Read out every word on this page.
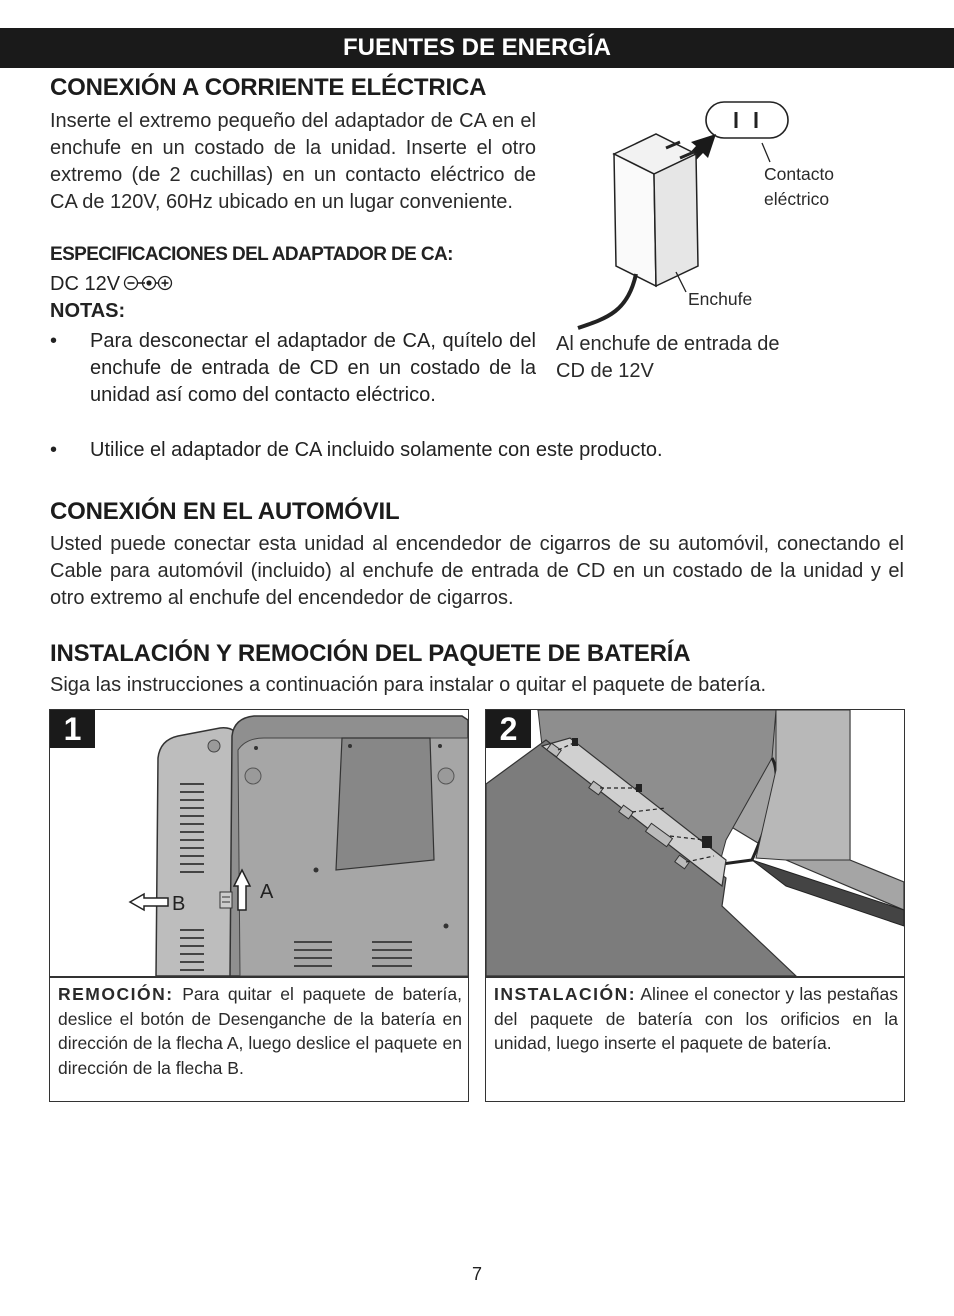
FUENTES DE ENERGÍA
CONEXIÓN A CORRIENTE ELÉCTRICA

Inserte el extremo pequeño del adaptador de CA en el enchufe en un costado de la unidad. Inserte el otro extremo (de 2 cuchillas) en un contacto eléctrico de CA de 120V, 60Hz ubicado en un lugar conveniente.

ESPECIFICACIONES DEL ADAPTADOR DE CA:
DC 12V
NOTAS:
• Para desconectar el adaptador de CA, quítelo del enchufe de entrada de CD en un costado de la unidad así como del contacto eléctrico.
• Utilice el adaptador de CA incluido solamente con este producto.
Contacto
eléctrico
Enchufe
Al enchufe de entrada de
CD de 12V
CONEXIÓN EN EL AUTOMÓVIL

Usted puede conectar esta unidad al encendedor de cigarros de su automóvil, conectando el Cable para automóvil (incluido) al enchufe de entrada de CD en un costado de la unidad y el otro extremo al enchufe del encendedor de cigarros.

INSTALACIÓN Y REMOCIÓN DEL PAQUETE DE BATERÍA

Siga las instrucciones a continuación para instalar o quitar el paquete de batería.

1
A
B
REMOCIÓN: Para quitar el paquete de batería, deslice el botón de Desenganche de la batería en dirección de la flecha A, luego deslice el paquete en dirección de la flecha B.
2
INSTALACIÓN: Alinee el conector y las pestañas del paquete de batería con los orificios en la unidad, luego inserte el paquete de batería.
7
